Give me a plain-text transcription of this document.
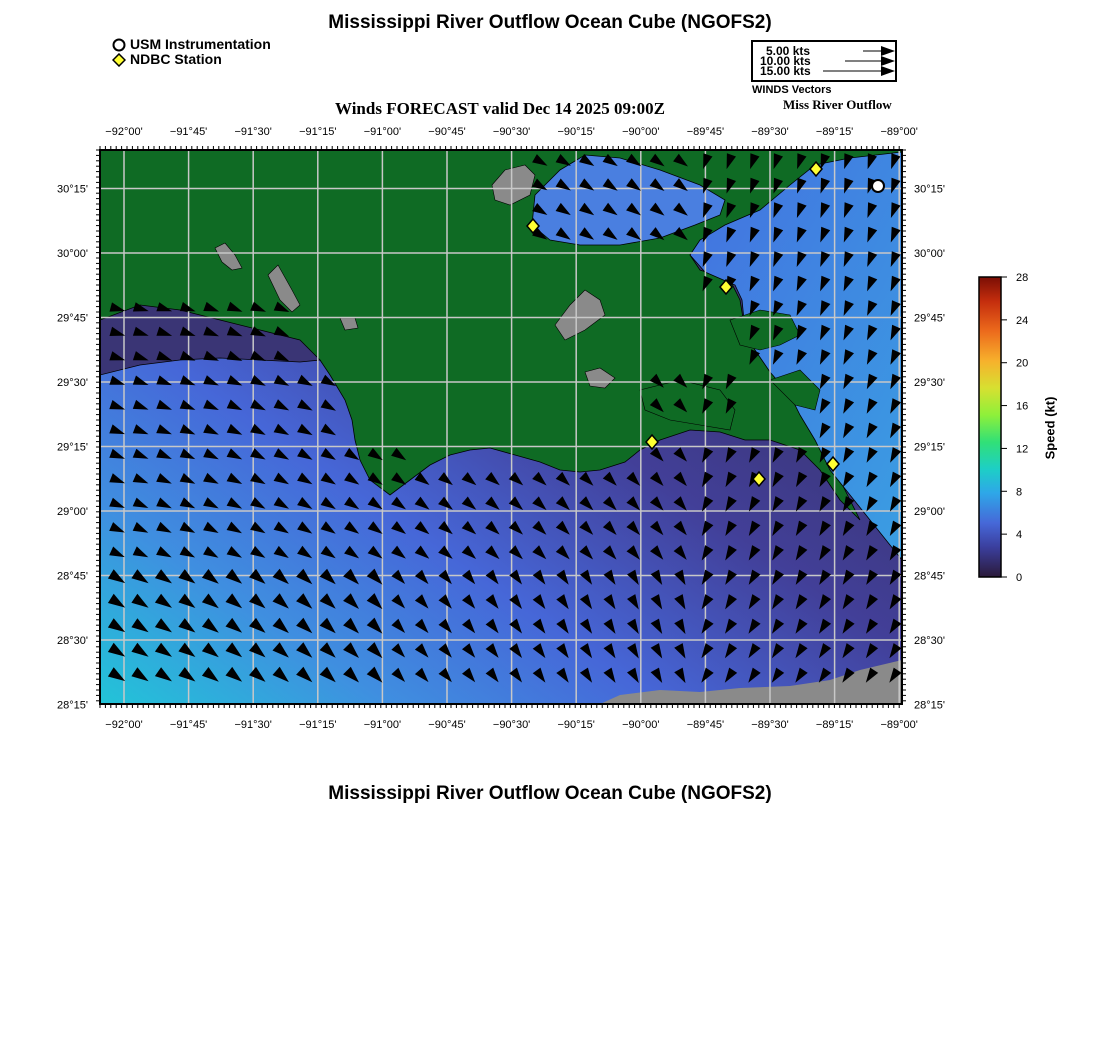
Mississippi River Outflow Ocean Cube (NGOFS2)
USM Instrumentation
NDBC Station	5.00 kts
10.00 kts
15.00 kts
WINDS Vectors
Winds FORECAST valid Dec 14 2025 09:00Z	Miss River Outflow
−92°00' −91°45' −91°30' −91°15' −91°00' −90°45' −90°30' −90°15' −90°00' −89°45' −89°30' −89°15' −89°00'
−92°00' −91°45' −91°30' −91°15' −91°00' −90°45' −90°30' −90°15' −90°00' −89°45' −89°30' −89°15' −89°00'
30°15'
30°00'
29°45'
29°30'
29°15'
29°00'
28°45'
28°30'
28°15'
30°15'
30°00'
29°45'
29°30'
29°15'
29°00'
28°45'
28°30'
28°15'
0
4
8
12
16
20
24
28
Speed (kt)
Mississippi River Outflow Ocean Cube (NGOFS2)
